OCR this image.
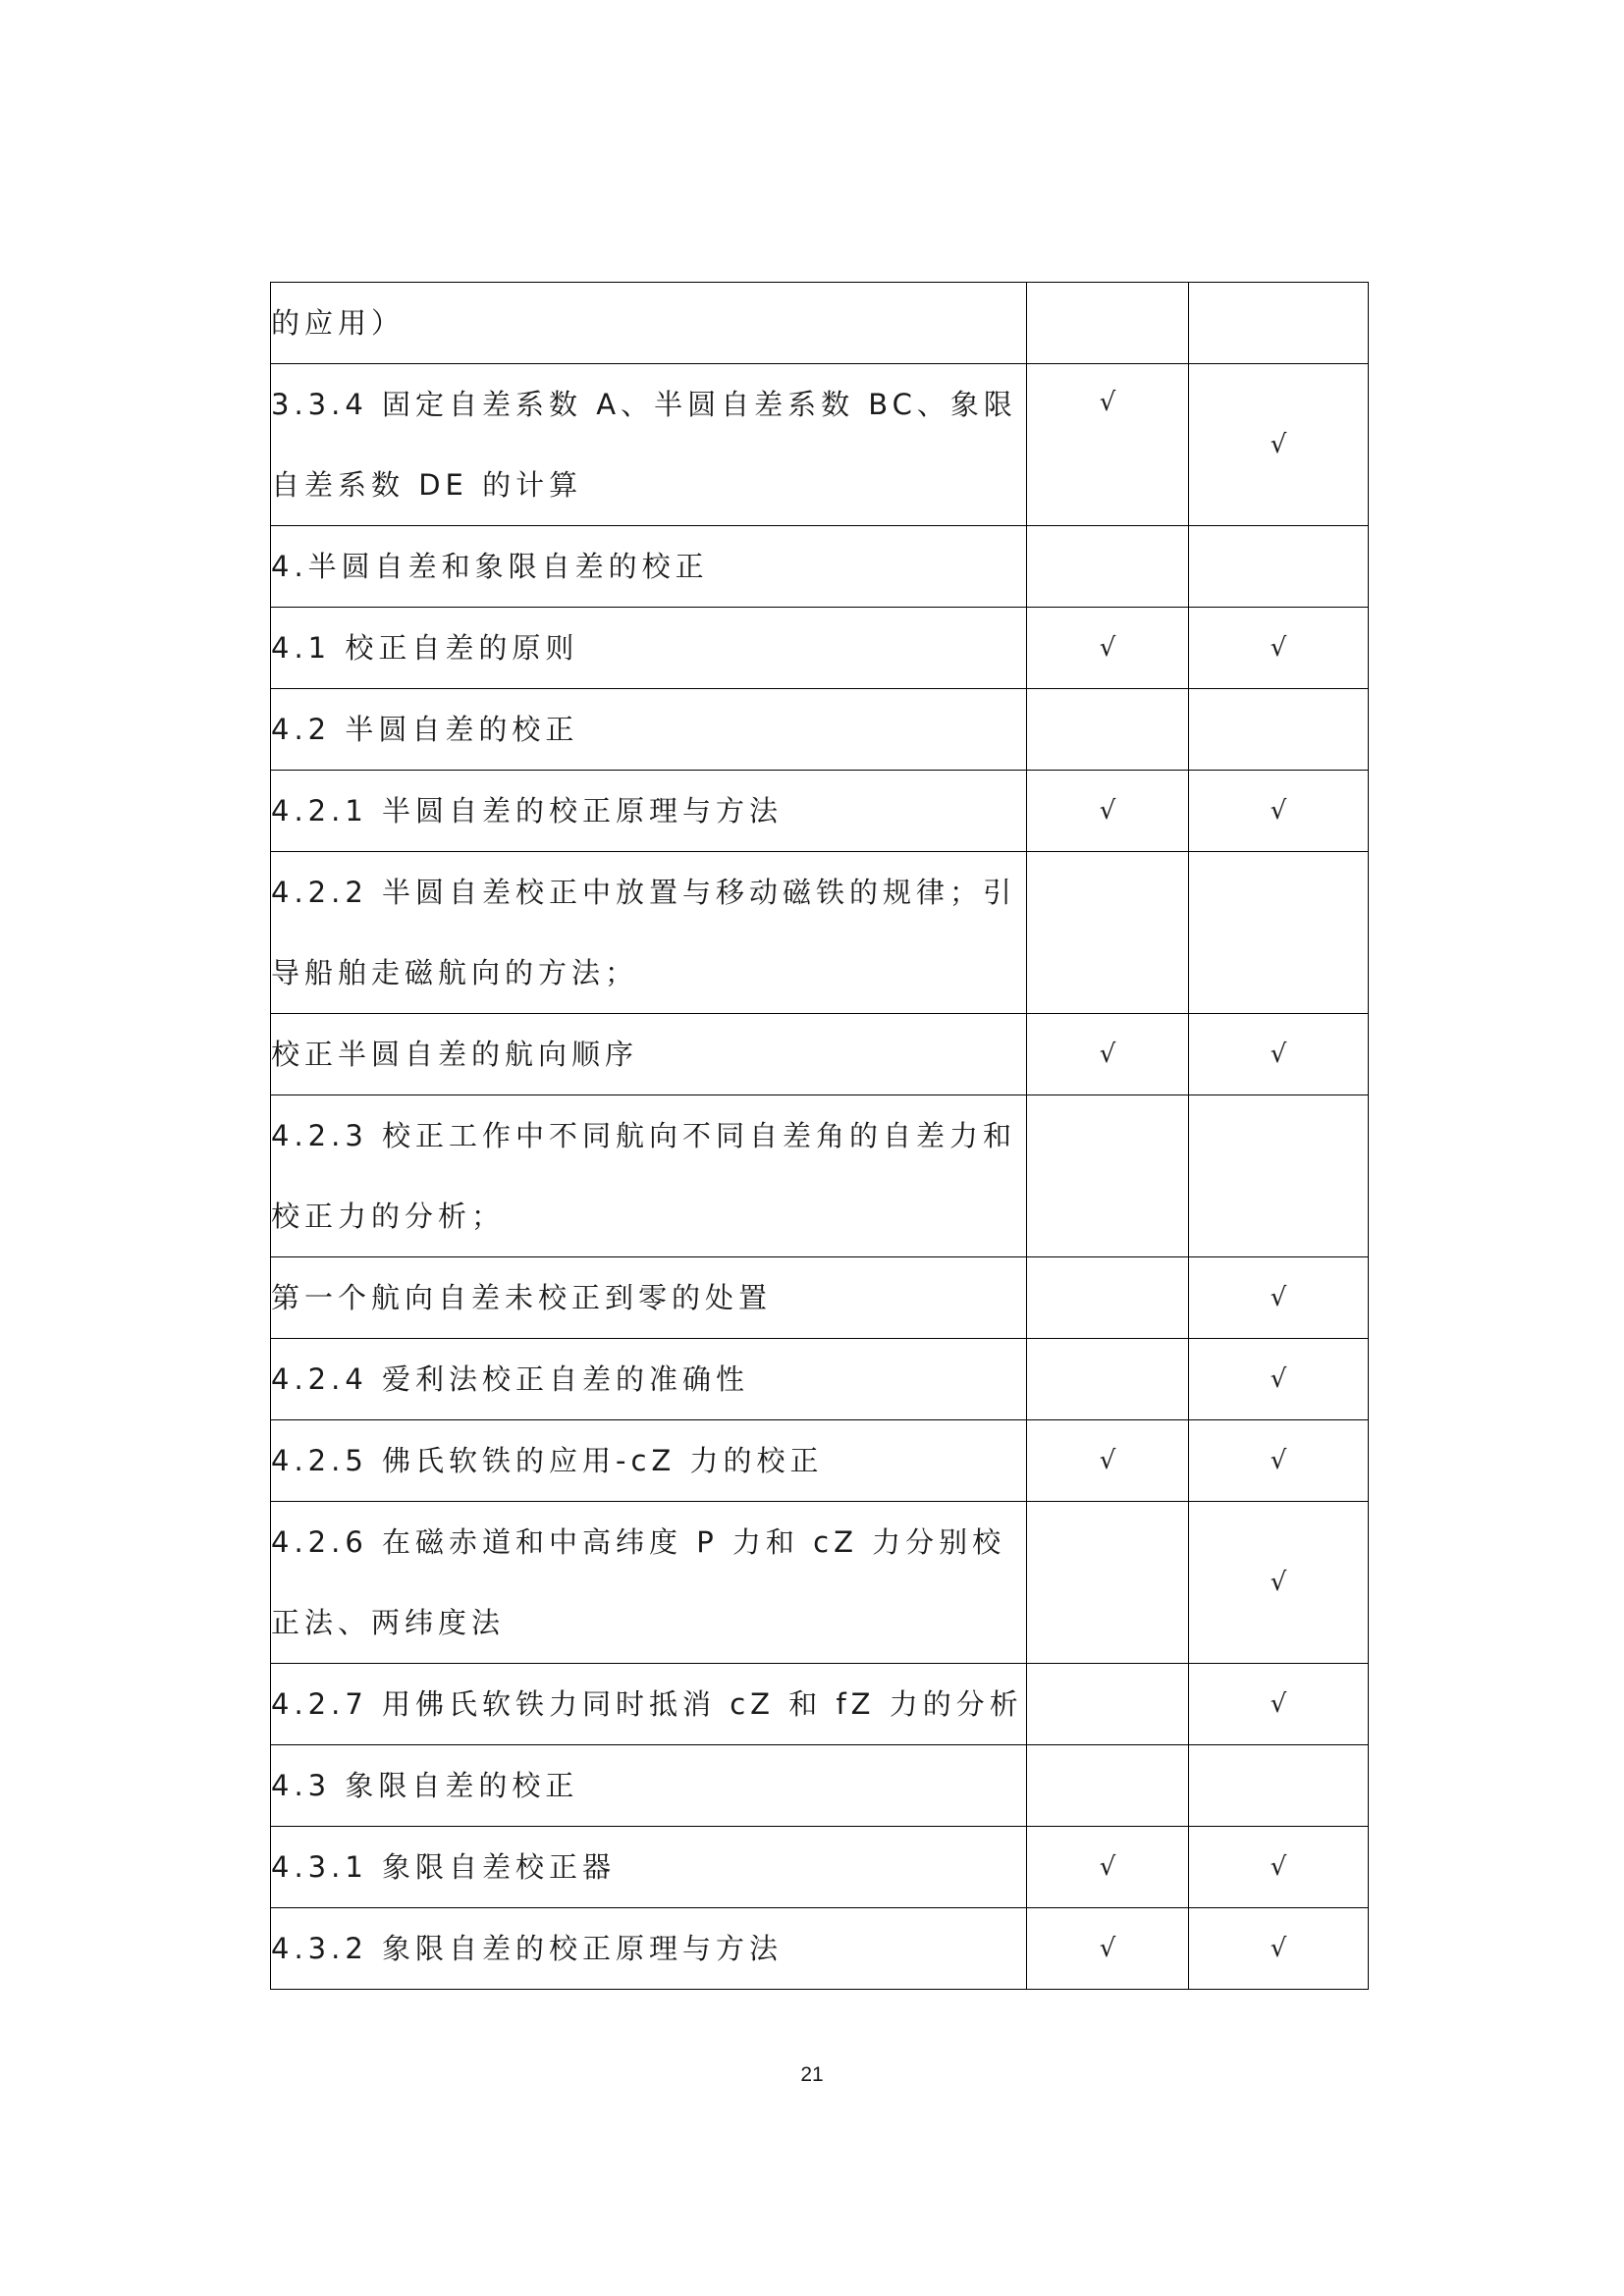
的应用）		
3.3.4 固定自差系数 A、半圆自差系数 BC、象限自差系数 DE 的计算	√	√
4.半圆自差和象限自差的校正		
4.1 校正自差的原则	√	√
4.2 半圆自差的校正		
4.2.1 半圆自差的校正原理与方法	√	√
4.2.2 半圆自差校正中放置与移动磁铁的规律；引导船舶走磁航向的方法；		
校正半圆自差的航向顺序	√	√
4.2.3 校正工作中不同航向不同自差角的自差力和校正力的分析；		
第一个航向自差未校正到零的处置		√
4.2.4 爱利法校正自差的准确性		√
4.2.5 佛氏软铁的应用-cZ 力的校正	√	√
4.2.6 在磁赤道和中高纬度 P 力和 cZ 力分别校正法、两纬度法		√
4.2.7 用佛氏软铁力同时抵消 cZ 和 fZ 力的分析		√
4.3 象限自差的校正		
4.3.1 象限自差校正器	√	√
4.3.2 象限自差的校正原理与方法	√	√
21
